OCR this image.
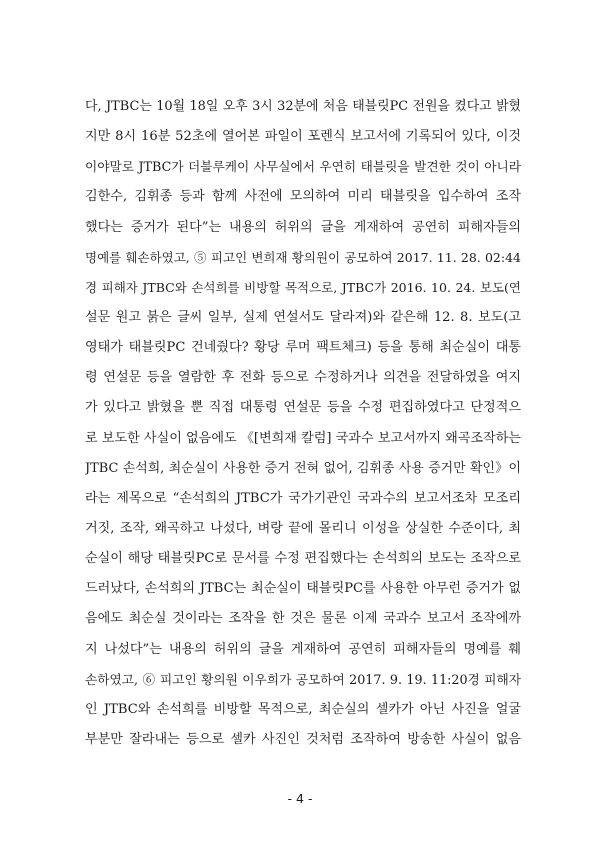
다, JTBC는 10월 18일 오후 3시 32분에 처음 태블릿PC 전원을 켰다고 밝혔
지만 8시 16분 52초에 열어본 파일이 포렌식 보고서에 기록되어 있다, 이것
이야말로 JTBC가 더블루케이 사무실에서 우연히 태블릿을 발견한 것이 아니라
김한수, 김휘종 등과 함께 사전에 모의하여 미리 태블릿을 입수하여 조작
했다는 증거가 된다”는 내용의 허위의 글을 게재하여 공연히 피해자들의
명예를 훼손하였고, ⑤ 피고인 변희재 황의원이 공모하여 2017. 11. 28. 02:44
경 피해자 JTBC와 손석희를 비방할 목적으로, JTBC가 2016. 10. 24. 보도(연
설문 원고 붉은 글씨 일부, 실제 연설서도 달라져)와 같은해 12. 8. 보도(고
영태가 태블릿PC 건네줬다? 황당 루머 팩트체크) 등을 통해 최순실이 대통
령 연설문 등을 열람한 후 전화 등으로 수정하거나 의견을 전달하였을 여지
가 있다고 밝혔을 뿐 직접 대통령 연설문 등을 수정 편집하였다고 단정적으
로 보도한 사실이 없음에도 《[변희재 칼럼] 국과수 보고서까지 왜곡조작하는
JTBC 손석희, 최순실이 사용한 증거 전혀 없어, 김휘종 사용 증거만 확인》이
라는 제목으로 “손석희의 JTBC가 국가기관인 국과수의 보고서조차 모조리
거짓, 조작, 왜곡하고 나섰다, 벼랑 끝에 몰리니 이성을 상실한 수준이다, 최
순실이 해당 태블릿PC로 문서를 수정 편집했다는 손석희의 보도는 조작으로
드러났다, 손석희의 JTBC는 최순실이 태블릿PC를 사용한 아무런 증거가 없
음에도 최순실 것이라는 조작을 한 것은 물론 이제 국과수 보고서 조작에까
지 나섰다”는 내용의 허위의 글을 게재하여 공연히 피해자들의 명예를 훼
손하였고, ⑥ 피고인 황의원 이우희가 공모하여 2017. 9. 19. 11:20경 피해자
인 JTBC와 손석희를 비방할 목적으로, 최순실의 셀카가 아닌 사진을 얼굴
부분만 잘라내는 등으로 셀카 사진인 것처럼 조작하여 방송한 사실이 없음
- 4 -
